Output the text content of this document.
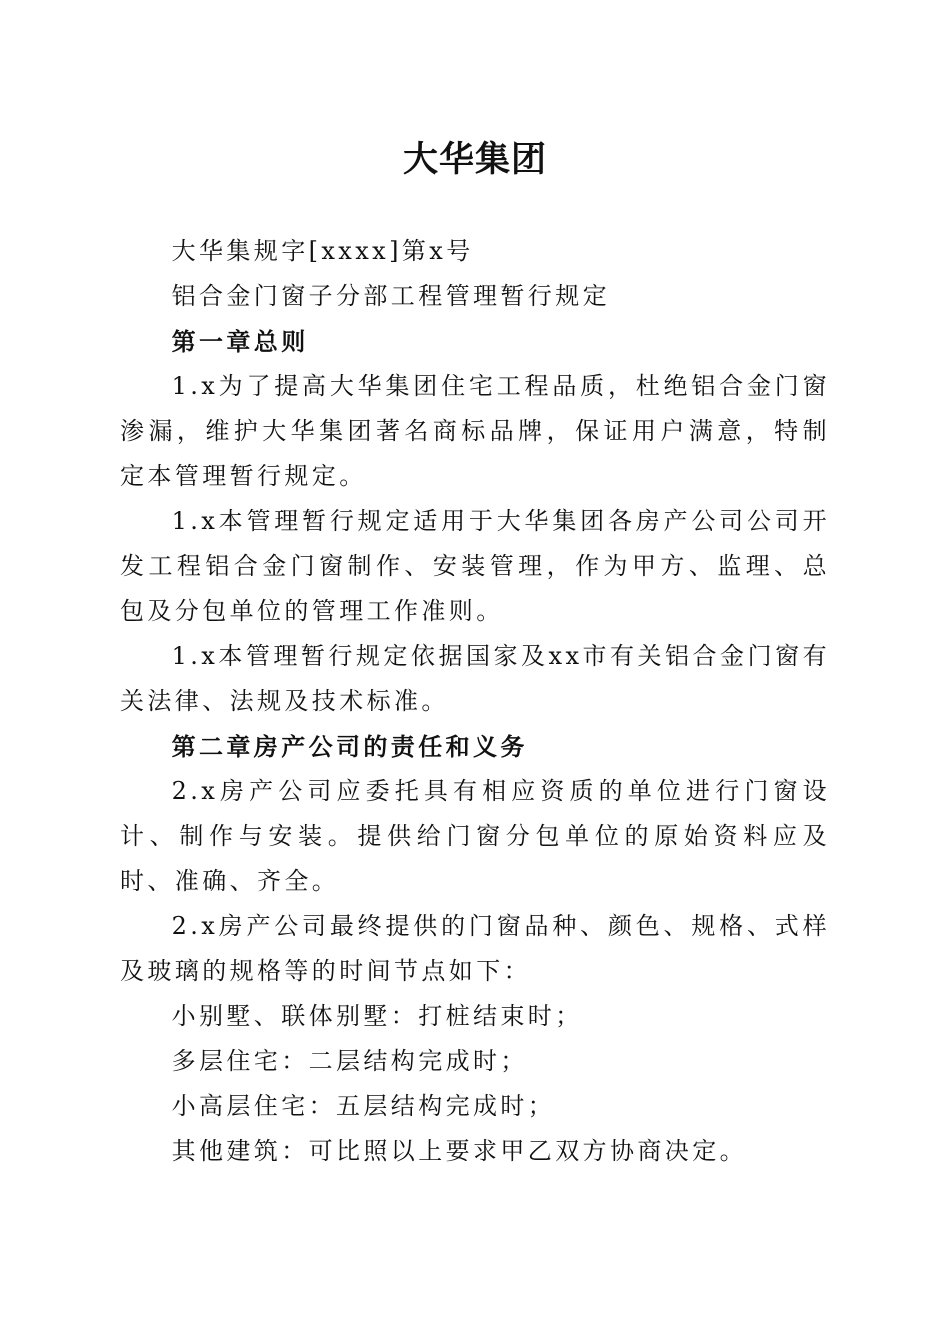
大华集团

大华集规字[xxxx]第x号

铝合金门窗子分部工程管理暂行规定

第一章总则

1.x为了提高大华集团住宅工程品质，杜绝铝合金门窗渗漏，维护大华集团著名商标品牌，保证用户满意，特制定本管理暂行规定。

1.x本管理暂行规定适用于大华集团各房产公司公司开发工程铝合金门窗制作、安装管理，作为甲方、监理、总包及分包单位的管理工作准则。

1.x本管理暂行规定依据国家及xx市有关铝合金门窗有关法律、法规及技术标准。

第二章房产公司的责任和义务

2.x房产公司应委托具有相应资质的单位进行门窗设计、制作与安装。提供给门窗分包单位的原始资料应及时、准确、齐全。

2.x房产公司最终提供的门窗品种、颜色、规格、式样及玻璃的规格等的时间节点如下：

小别墅、联体别墅：打桩结束时；

多层住宅：二层结构完成时；

小高层住宅：五层结构完成时；

其他建筑：可比照以上要求甲乙双方协商决定。
